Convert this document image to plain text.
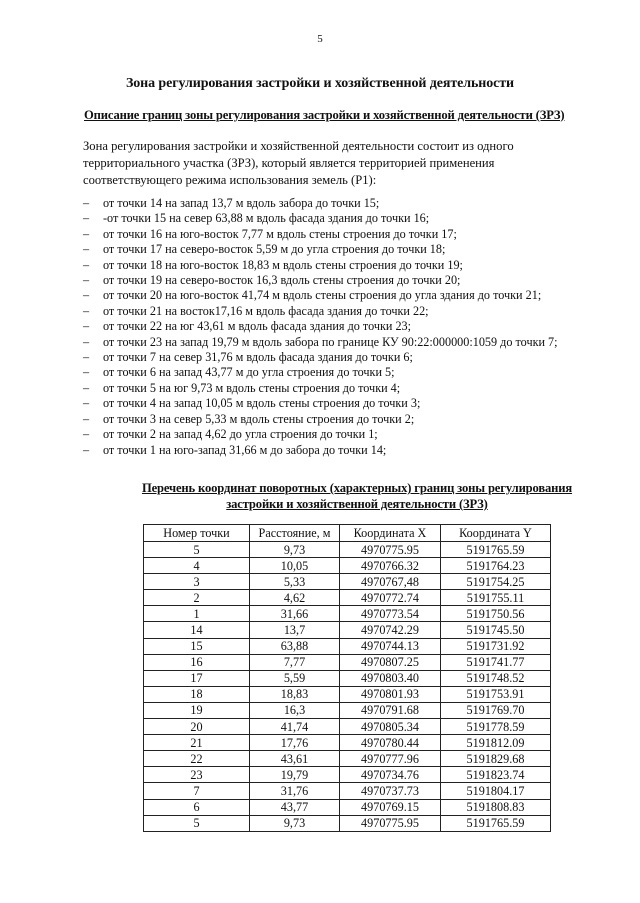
5
Зона регулирования застройки и хозяйственной деятельности
Описание границ зоны регулирования застройки и хозяйственной деятельности (ЗРЗ)
Зона регулирования застройки и хозяйственной деятельности состоит из одного
территориального участка (ЗРЗ), который является территорией применения
соответствующего режима использования земель (Р1):
– от точки 14 на запад 13,7 м вдоль забора до точки 15;
– -от точки 15 на север 63,88 м вдоль фасада здания до точки 16;
– от точки 16 на юго-восток 7,77 м вдоль стены строения до точки 17;
– от точки 17 на северо-восток 5,59 м до угла строения до точки 18;
– от точки 18 на юго-восток 18,83 м вдоль стены строения до точки 19;
– от точки 19 на северо-восток 16,3 вдоль стены строения до точки 20;
– от точки 20 на юго-восток 41,74 м вдоль стены строения до угла здания до точки 21;
– от точки 21 на восток17,16 м вдоль фасада здания до точки 22;
– от точки 22 на юг 43,61 м вдоль фасада здания до точки 23;
– от точки 23 на запад 19,79 м вдоль забора по границе КУ 90:22:000000:1059 до точки 7;
– от точки 7 на север 31,76 м вдоль фасада здания до точки 6;
– от точки 6 на запад 43,77 м до угла строения до точки 5;
– от точки 5 на юг 9,73 м вдоль стены строения до точки 4;
– от точки 4 на запад 10,05 м вдоль стены строения до точки 3;
– от точки 3 на север 5,33 м вдоль стены строения до точки 2;
– от точки 2 на запад 4,62 до угла строения до точки 1;
– от точки 1 на юго-запад 31,66 м до забора до точки 14;
Перечень координат поворотных (характерных) границ зоны регулирования
застройки и хозяйственной деятельности (ЗРЗ)
Номер точки	Расстояние, м	Координата X	Координата Y
5	9,73	4970775.95	5191765.59
4	10,05	4970766.32	5191764.23
3	5,33	4970767,48	5191754.25
2	4,62	4970772.74	5191755.11
1	31,66	4970773.54	5191750.56
14	13,7	4970742.29	5191745.50
15	63,88	4970744.13	5191731.92
16	7,77	4970807.25	5191741.77
17	5,59	4970803.40	5191748.52
18	18,83	4970801.93	5191753.91
19	16,3	4970791.68	5191769.70
20	41,74	4970805.34	5191778.59
21	17,76	4970780.44	5191812.09
22	43,61	4970777.96	5191829.68
23	19,79	4970734.76	5191823.74
7	31,76	4970737.73	5191804.17
6	43,77	4970769.15	5191808.83
5	9,73	4970775.95	5191765.59
